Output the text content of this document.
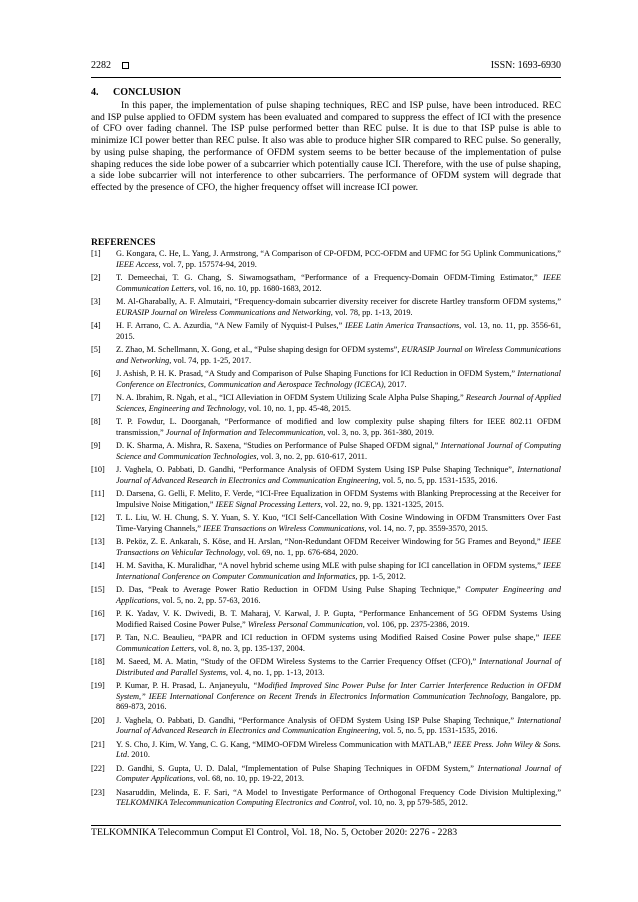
2282	ISSN: 1693-6930
4. CONCLUSION

In this paper, the implementation of pulse shaping techniques, REC and ISP pulse, have been introduced. REC and ISP pulse applied to OFDM system has been evaluated and compared to suppress the effect of ICI with the presence of CFO over fading channel. The ISP pulse performed better than REC pulse. It is due to that ISP pulse is able to minimize ICI power better than REC pulse. It also was able to produce higher SIR compared to REC pulse. So generally, by using pulse shaping, the performance of OFDM system seems to be better because of the implementation of pulse shaping reduces the side lobe power of a subcarrier which potentially cause ICI. Therefore, with the use of pulse shaping, a side lobe subcarrier will not interference to other subcarriers. The performance of OFDM system will degrade that effected by the presence of CFO, the higher frequency offset will increase ICI power.

REFERENCES
[1] G. Kongara, C. He, L. Yang, J. Armstrong, “A Comparison of CP-OFDM, PCC-OFDM and UFMC for 5G Uplink Communications,” IEEE Access, vol. 7, pp. 157574-94, 2019.
[2] T. Demeechai, T. G. Chang, S. Siwamogsatham, “Performance of a Frequency-Domain OFDM-Timing Estimator,” IEEE Communication Letters, vol. 16, no. 10, pp. 1680-1683, 2012.
[3] M. Al-Gharabally, A. F. Almutairi, “Frequency-domain subcarrier diversity receiver for discrete Hartley transform OFDM systems,” EURASIP Journal on Wireless Communications and Networking, vol. 78, pp. 1-13, 2019.
[4] H. F. Arrano, C. A. Azurdia, “A New Family of Nyquist-I Pulses,” IEEE Latin America Transactions, vol. 13, no. 11, pp. 3556-61, 2015.
[5] Z. Zhao, M. Schellmann, X. Gong, et al., “Pulse shaping design for OFDM systems”, EURASIP Journal on Wireless Communications and Networking, vol. 74, pp. 1-25, 2017.
[6] J. Ashish, P. H. K. Prasad, “A Study and Comparison of Pulse Shaping Functions for ICI Reduction in OFDM System,” International Conference on Electronics, Communication and Aerospace Technology (ICECA), 2017.
[7] N. A. Ibrahim, R. Ngah, et al., “ICI Alleviation in OFDM System Utilizing Scale Alpha Pulse Shaping,” Research Journal of Applied Sciences, Engineering and Technology, vol. 10, no. 1, pp. 45-48, 2015.
[8] T. P. Fowdur, L. Doorganah, “Performance of modified and low complexity pulse shaping filters for IEEE 802.11 OFDM transmission,” Journal of Information and Telecommunication, vol. 3, no. 3, pp. 361-380, 2019.
[9] D. K. Sharma, A. Mishra, R. Saxena, “Studies on Performance of Pulse Shaped OFDM signal,” International Journal of Computing Science and Communication Technologies, vol. 3, no. 2, pp. 610-617, 2011.
[10] J. Vaghela, O. Pabbati, D. Gandhi, “Performance Analysis of OFDM System Using ISP Pulse Shaping Technique”, International Journal of Advanced Research in Electronics and Communication Engineering, vol. 5, no. 5, pp. 1531-1535, 2016.
[11] D. Darsena, G. Gelli, F. Melito, F. Verde, “ICI-Free Equalization in OFDM Systems with Blanking Preprocessing at the Receiver for Impulsive Noise Mitigation,” IEEE Signal Processing Letters, vol. 22, no. 9, pp. 1321-1325, 2015.
[12] T. L. Liu, W. H. Chung, S. Y. Yuan, S. Y. Kuo, “ICI Self-Cancellation With Cosine Windowing in OFDM Transmitters Over Fast Time-Varying Channels,” IEEE Transactions on Wireless Communications, vol. 14, no. 7, pp. 3559-3570, 2015.
[13] B. Peköz, Z. E. Ankaralı, S. Köse, and H. Arslan, “Non-Redundant OFDM Receiver Windowing for 5G Frames and Beyond,” IEEE Transactions on Vehicular Technology, vol. 69, no. 1, pp. 676-684, 2020.
[14] H. M. Savitha, K. Muralidhar, “A novel hybrid scheme using MLE with pulse shaping for ICI cancellation in OFDM systems,” IEEE International Conference on Computer Communication and Informatics, pp. 1-5, 2012.
[15] D. Das, “Peak to Average Power Ratio Reduction in OFDM Using Pulse Shaping Technique,” Computer Engineering and Applications, vol. 5, no. 2, pp. 57-63, 2016.
[16] P. K. Yadav, V. K. Dwivedi, B. T. Maharaj, V. Karwal, J. P. Gupta, “Performance Enhancement of 5G OFDM Systems Using Modified Raised Cosine Power Pulse,” Wireless Personal Communication, vol. 106, pp. 2375-2386, 2019.
[17] P. Tan, N.C. Beaulieu, “PAPR and ICI reduction in OFDM systems using Modified Raised Cosine Power pulse shape,” IEEE Communication Letters, vol. 8, no. 3, pp. 135-137, 2004.
[18] M. Saeed, M. A. Matin, “Study of the OFDM Wireless Systems to the Carrier Frequency Offset (CFO),” International Journal of Distributed and Parallel Systems, vol. 4, no. 1, pp. 1-13, 2013.
[19] P. Kumar, P. H. Prasad, L. Anjaneyulu, “Modified Improved Sinc Power Pulse for Inter Carrier Interference Reduction in OFDM System,” IEEE International Conference on Recent Trends in Electronics Information Communication Technology, Bangalore, pp. 869-873, 2016.
[20] J. Vaghela, O. Pabbati, D. Gandhi, “Performance Analysis of OFDM System Using ISP Pulse Shaping Technique,” International Journal of Advanced Research in Electronics and Communication Engineering, vol. 5, no. 5, pp. 1531-1535, 2016.
[21] Y. S. Cho, J. Kim, W. Yang, C. G. Kang, “MIMO-OFDM Wireless Communication with MATLAB,” IEEE Press. John Wiley & Sons. Ltd. 2010.
[22] D. Gandhi, S. Gupta, U. D. Dalal, “Implementation of Pulse Shaping Techniques in OFDM System,” International Journal of Computer Applications, vol. 68, no. 10, pp. 19-22, 2013.
[23] Nasaruddin, Melinda, E. F. Sari, “A Model to Investigate Performance of Orthogonal Frequency Code Division Multiplexing,” TELKOMNIKA Telecommunication Computing Electronics and Control, vol. 10, no. 3, pp 579-585, 2012.
TELKOMNIKA Telecommun Comput El Control, Vol. 18, No. 5, October 2020: 2276 - 2283
